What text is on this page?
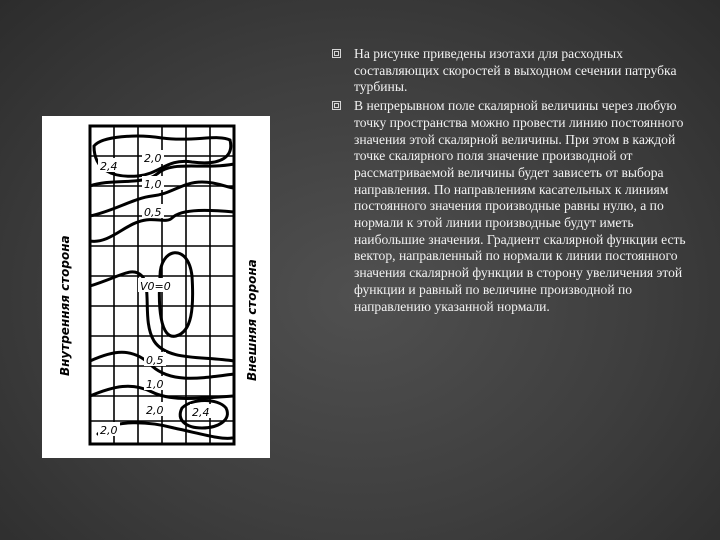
2,4
2,0
1,0
0,5
V0=0
0,5
1,0
2,0	2,4
2,0
Внутренняя сторона	Внешняя сторона
На рисунке приведены изотахи для расходных составляющих скоростей в выходном сечении патрубка турбины.
В непрерывном поле скалярной величины через любую точку пространства можно провести линию постоянного значения этой скалярной величины. При этом в каждой точке скалярного поля значение производной от рассматриваемой величины будет зависеть от выбора направления. По направлениям касательных к линиям постоянного значения производные равны нулю, а по нормали к этой линии производные будут иметь наибольшие значения. Градиент скалярной функции есть вектор, направленный по нормали к линии постоянного значения скалярной функции в сторону увеличения этой функции и равный по величине производной по направлению указанной нормали.
